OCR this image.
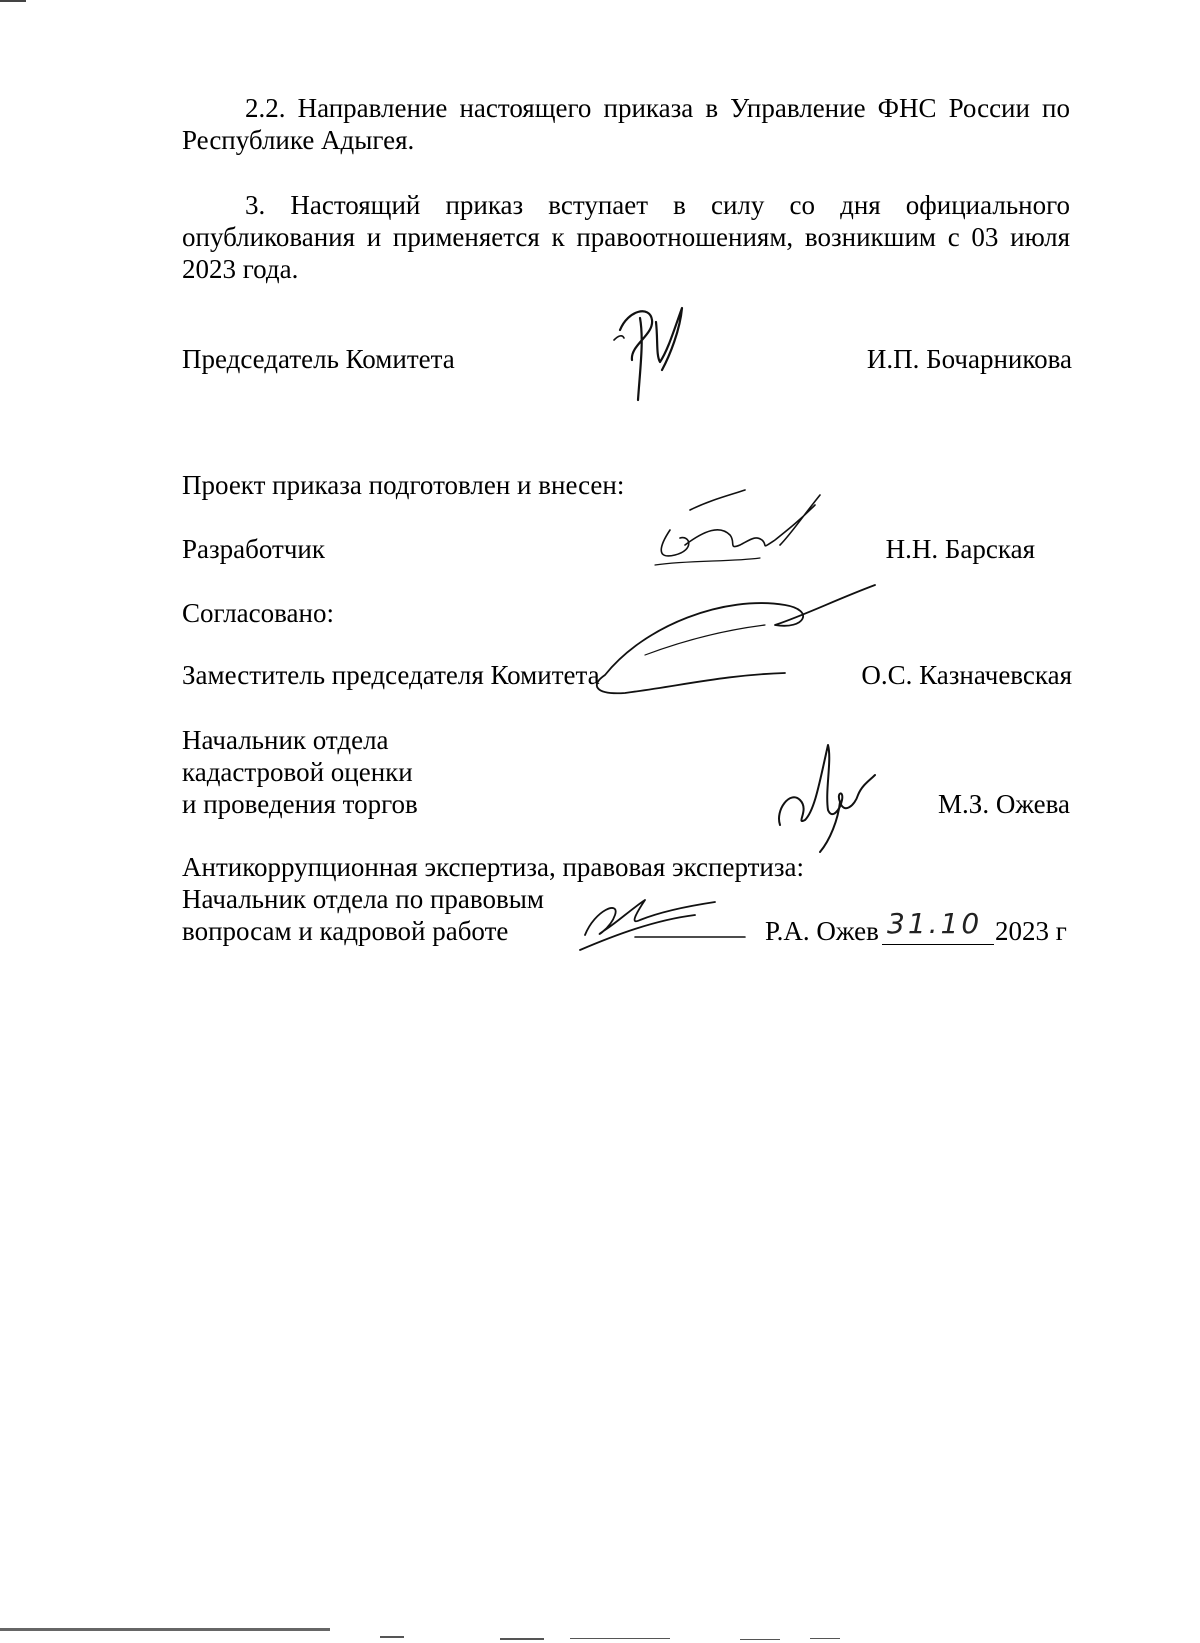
2.2. Направление настоящего приказа в Управление ФНС России по Республике Адыгея.
3. Настоящий приказ вступает в силу со дня официального опубликования и применяется к правоотношениям, возникшим с 03 июля 2023 года.
Председатель Комитета	И.П. Бочарникова
Проект приказа подготовлен и внесен:
Разработчик	Н.Н. Барская
Согласовано:
Заместитель председателя Комитета	О.С. Казначевская
Начальник отдела
кадастровой оценки
и проведения торгов	М.З. Ожева
Антикоррупционная экспертиза, правовая экспертиза:
Начальник отдела по правовым
вопросам и кадровой работе	Р.А. Ожев 31.10 2023 г
